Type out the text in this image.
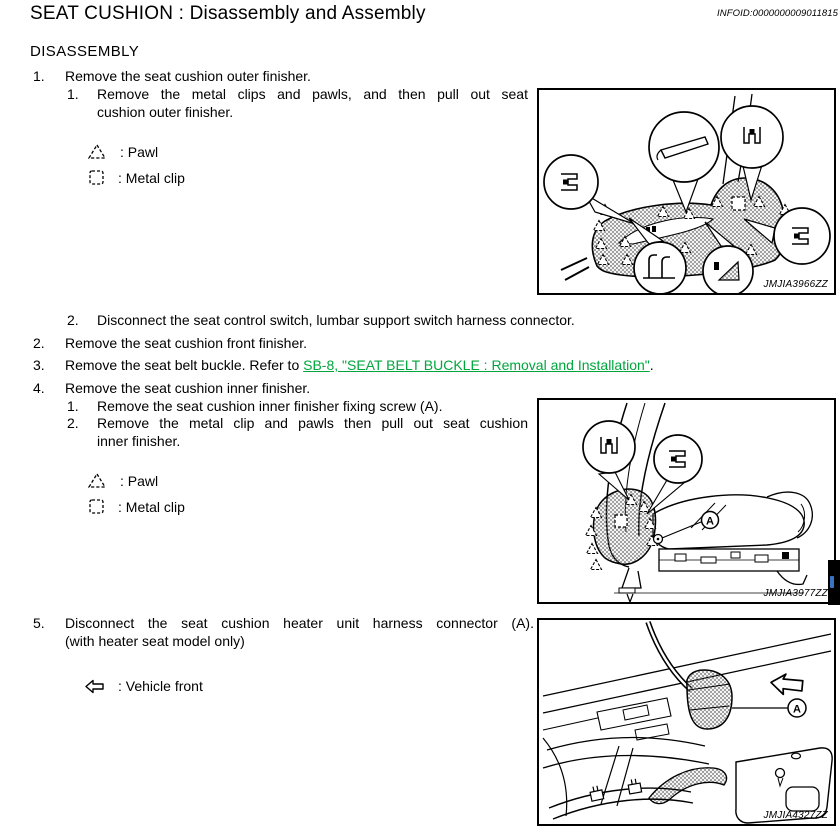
SEAT CUSHION : Disassembly and Assembly	INFOID:0000000009011815
DISASSEMBLY
1. Remove the seat cushion outer finisher.
1. Remove the metal clips and pawls, and then pull out seat
cushion outer finisher.
: Pawl
: Metal clip
JMJIA3966ZZ
2. Disconnect the seat control switch, lumbar support switch harness connector.
2. Remove the seat cushion front finisher.
3. Remove the seat belt buckle. Refer to SB-8, "SEAT BELT BUCKLE : Removal and Installation".
4. Remove the seat cushion inner finisher.
1. Remove the seat cushion inner finisher fixing screw (A).
2. Remove the metal clip and pawls then pull out seat cushion
inner finisher.
: Pawl
: Metal clip
A
JMJIA3977ZZ
5. Disconnect the seat cushion heater unit harness connector (A).
(with heater seat model only)
: Vehicle front
A
JMJIA4327ZZ
